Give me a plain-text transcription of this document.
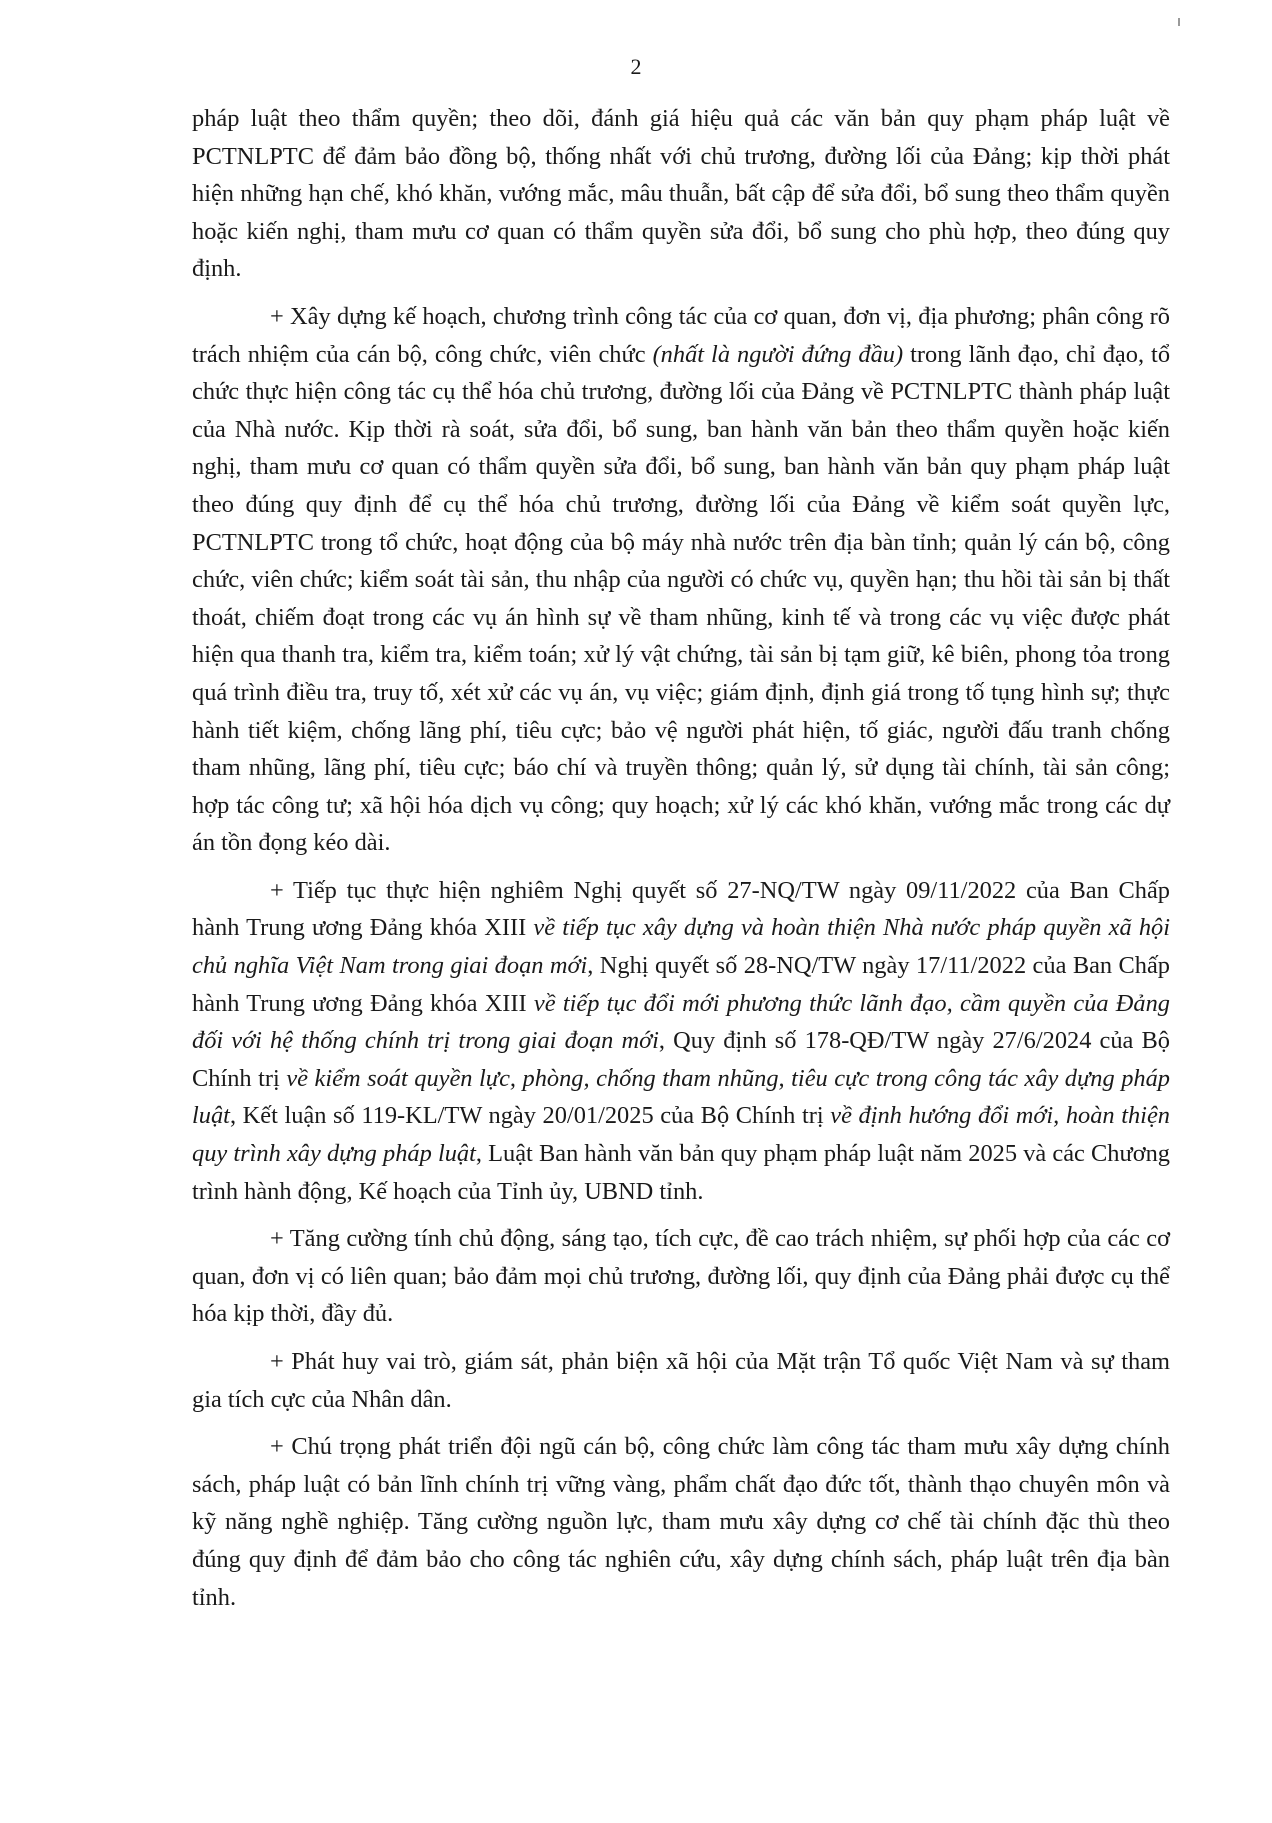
2

pháp luật theo thẩm quyền; theo dõi, đánh giá hiệu quả các văn bản quy phạm pháp luật về PCTNLPTC để đảm bảo đồng bộ, thống nhất với chủ trương, đường lối của Đảng; kịp thời phát hiện những hạn chế, khó khăn, vướng mắc, mâu thuẫn, bất cập để sửa đổi, bổ sung theo thẩm quyền hoặc kiến nghị, tham mưu cơ quan có thẩm quyền sửa đổi, bổ sung cho phù hợp, theo đúng quy định.

+ Xây dựng kế hoạch, chương trình công tác của cơ quan, đơn vị, địa phương; phân công rõ trách nhiệm của cán bộ, công chức, viên chức (nhất là người đứng đầu) trong lãnh đạo, chỉ đạo, tổ chức thực hiện công tác cụ thể hóa chủ trương, đường lối của Đảng về PCTNLPTC thành pháp luật của Nhà nước. Kịp thời rà soát, sửa đổi, bổ sung, ban hành văn bản theo thẩm quyền hoặc kiến nghị, tham mưu cơ quan có thẩm quyền sửa đổi, bổ sung, ban hành văn bản quy phạm pháp luật theo đúng quy định để cụ thể hóa chủ trương, đường lối của Đảng về kiểm soát quyền lực, PCTNLPTC trong tổ chức, hoạt động của bộ máy nhà nước trên địa bàn tỉnh; quản lý cán bộ, công chức, viên chức; kiểm soát tài sản, thu nhập của người có chức vụ, quyền hạn; thu hồi tài sản bị thất thoát, chiếm đoạt trong các vụ án hình sự về tham nhũng, kinh tế và trong các vụ việc được phát hiện qua thanh tra, kiểm tra, kiểm toán; xử lý vật chứng, tài sản bị tạm giữ, kê biên, phong tỏa trong quá trình điều tra, truy tố, xét xử các vụ án, vụ việc; giám định, định giá trong tố tụng hình sự; thực hành tiết kiệm, chống lãng phí, tiêu cực; bảo vệ người phát hiện, tố giác, người đấu tranh chống tham nhũng, lãng phí, tiêu cực; báo chí và truyền thông; quản lý, sử dụng tài chính, tài sản công; hợp tác công tư; xã hội hóa dịch vụ công; quy hoạch; xử lý các khó khăn, vướng mắc trong các dự án tồn đọng kéo dài.

+ Tiếp tục thực hiện nghiêm Nghị quyết số 27-NQ/TW ngày 09/11/2022 của Ban Chấp hành Trung ương Đảng khóa XIII về tiếp tục xây dựng và hoàn thiện Nhà nước pháp quyền xã hội chủ nghĩa Việt Nam trong giai đoạn mới, Nghị quyết số 28-NQ/TW ngày 17/11/2022 của Ban Chấp hành Trung ương Đảng khóa XIII về tiếp tục đổi mới phương thức lãnh đạo, cầm quyền của Đảng đối với hệ thống chính trị trong giai đoạn mới, Quy định số 178-QĐ/TW ngày 27/6/2024 của Bộ Chính trị về kiểm soát quyền lực, phòng, chống tham nhũng, tiêu cực trong công tác xây dựng pháp luật, Kết luận số 119-KL/TW ngày 20/01/2025 của Bộ Chính trị về định hướng đổi mới, hoàn thiện quy trình xây dựng pháp luật, Luật Ban hành văn bản quy phạm pháp luật năm 2025 và các Chương trình hành động, Kế hoạch của Tỉnh ủy, UBND tỉnh.

+ Tăng cường tính chủ động, sáng tạo, tích cực, đề cao trách nhiệm, sự phối hợp của các cơ quan, đơn vị có liên quan; bảo đảm mọi chủ trương, đường lối, quy định của Đảng phải được cụ thể hóa kịp thời, đầy đủ.

+ Phát huy vai trò, giám sát, phản biện xã hội của Mặt trận Tổ quốc Việt Nam và sự tham gia tích cực của Nhân dân.

+ Chú trọng phát triển đội ngũ cán bộ, công chức làm công tác tham mưu xây dựng chính sách, pháp luật có bản lĩnh chính trị vững vàng, phẩm chất đạo đức tốt, thành thạo chuyên môn và kỹ năng nghề nghiệp. Tăng cường nguồn lực, tham mưu xây dựng cơ chế tài chính đặc thù theo đúng quy định để đảm bảo cho công tác nghiên cứu, xây dựng chính sách, pháp luật trên địa bàn tỉnh.
